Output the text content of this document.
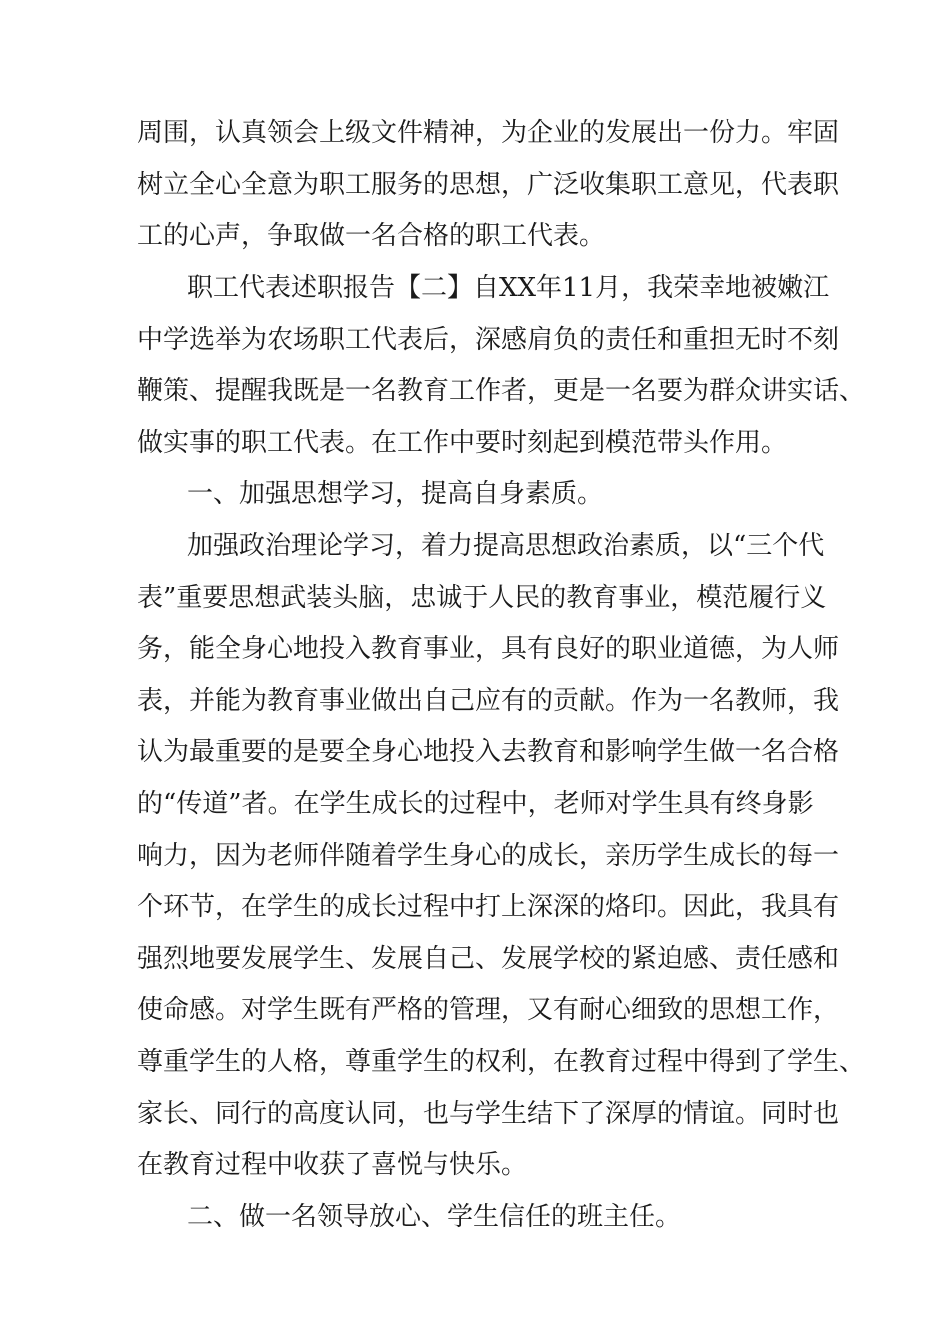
周围，认真领会上级文件精神，为企业的发展出一份力。牢固

树立全心全意为职工服务的思想，广泛收集职工意见，代表职

工的心声，争取做一名合格的职工代表。

职工代表述职报告【二】自XX年11月，我荣幸地被嫩江

中学选举为农场职工代表后，深感肩负的责任和重担无时不刻

鞭策、提醒我既是一名教育工作者，更是一名要为群众讲实话、

做实事的职工代表。在工作中要时刻起到模范带头作用。

一、加强思想学习，提高自身素质。

加强政治理论学习，着力提高思想政治素质，以“三个代

表”重要思想武装头脑，忠诚于人民的教育事业，模范履行义

务，能全身心地投入教育事业，具有良好的职业道德，为人师

表，并能为教育事业做出自己应有的贡献。作为一名教师，我

认为最重要的是要全身心地投入去教育和影响学生做一名合格

的“传道”者。在学生成长的过程中，老师对学生具有终身影

响力，因为老师伴随着学生身心的成长，亲历学生成长的每一

个环节，在学生的成长过程中打上深深的烙印。因此，我具有

强烈地要发展学生、发展自己、发展学校的紧迫感、责任感和

使命感。对学生既有严格的管理，又有耐心细致的思想工作，

尊重学生的人格，尊重学生的权利，在教育过程中得到了学生、

家长、同行的高度认同，也与学生结下了深厚的情谊。同时也

在教育过程中收获了喜悦与快乐。

二、做一名领导放心、学生信任的班主任。
